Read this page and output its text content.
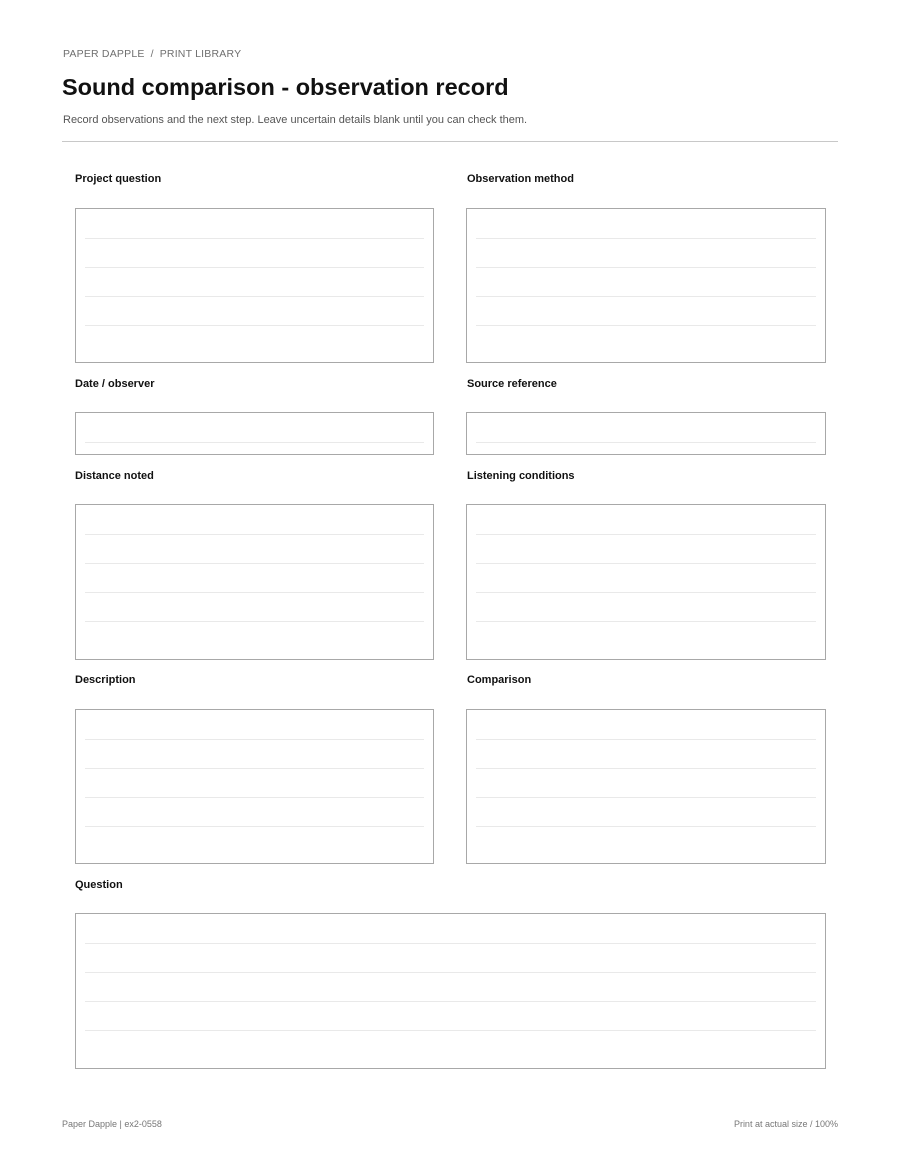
PAPER DAPPLE / PRINT LIBRARY
Sound comparison - observation record
Record observations and the next step. Leave uncertain details blank until you can check them.
Project question	Observation method
Date / observer	Source reference
Distance noted	Listening conditions
Description	Comparison
Question
Paper Dapple | ex2-0558	Print at actual size / 100%
